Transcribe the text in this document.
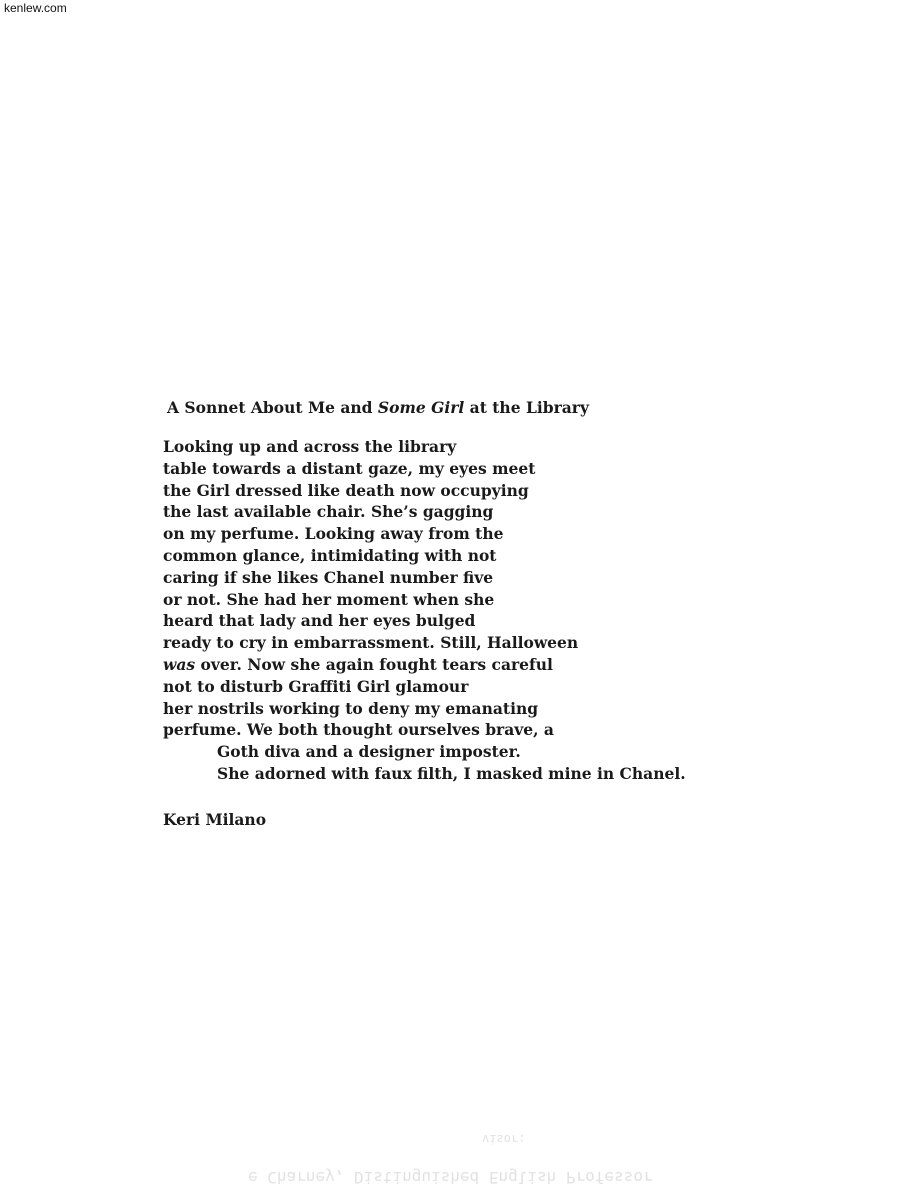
kenlew.com

A Sonnet About Me and Some Girl at the Library

Looking up and across the library

table towards a distant gaze, my eyes meet

the Girl dressed like death now occupying

the last available chair. She’s gagging

on my perfume. Looking away from the

common glance, intimidating with not

caring if she likes Chanel number five

or not. She had her moment when she

heard that lady and her eyes bulged

ready to cry in embarrassment. Still, Halloween

was over. Now she again fought tears careful

not to disturb Graffiti Girl glamour

her nostrils working to deny my emanating

perfume. We both thought ourselves brave, a

Goth diva and a designer imposter.

She adorned with faux filth, I masked mine in Chanel.

Keri Milano

visor:

e Charney, Distinguished English Professor
